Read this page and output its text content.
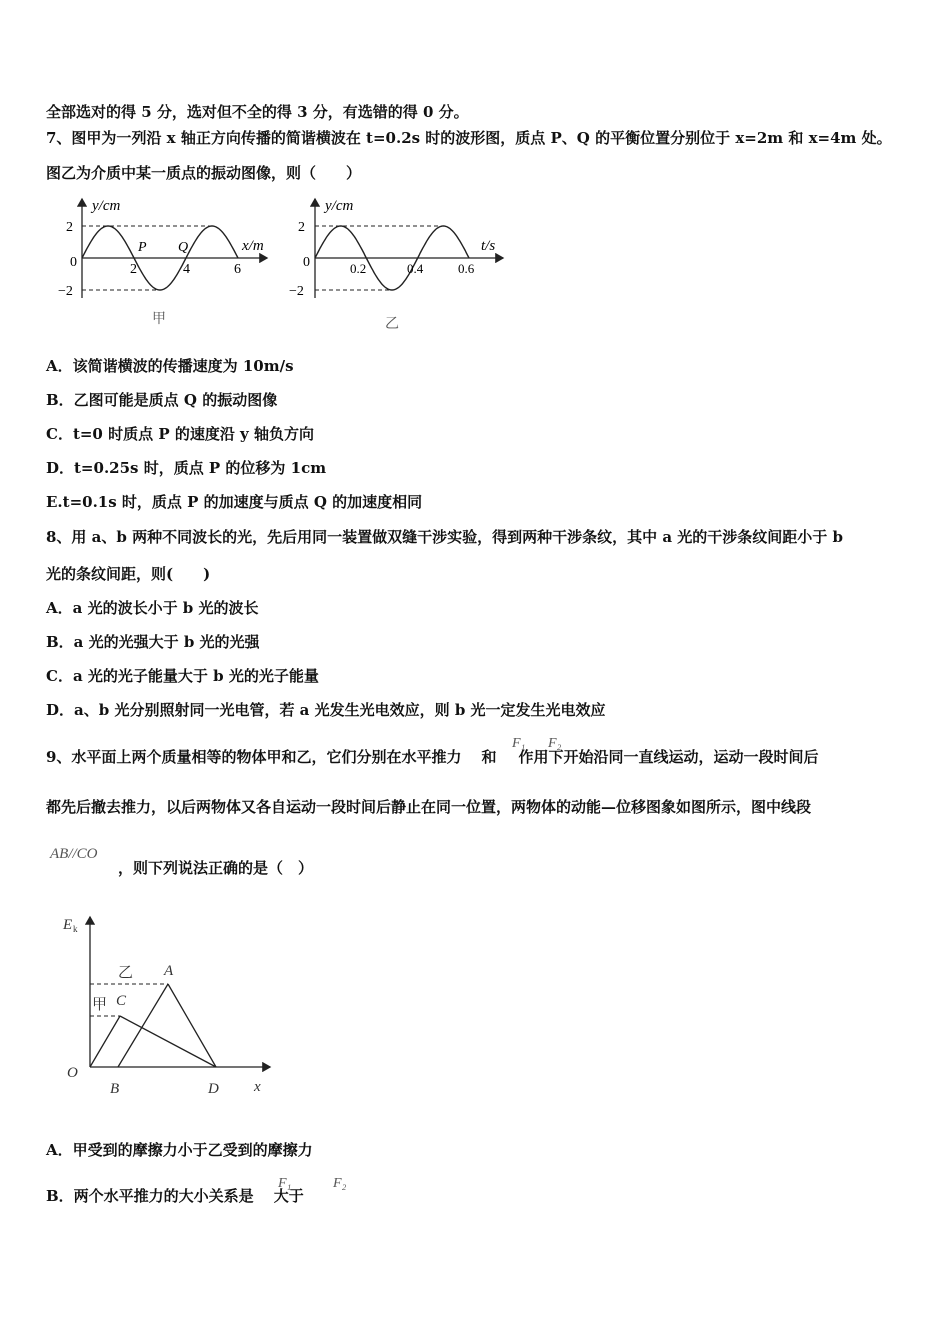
全部选对的得 5 分，选对但不全的得 3 分，有选错的得 0 分。
7、图甲为一列沿 x 轴正方向传播的简谐横波在 t=0.2s 时的波形图，质点 P、Q 的平衡位置分别位于 x=2m 和 x=4m 处。
图乙为介质中某一质点的振动图像，则（　　）
y/cm
x/m
2
−2
0	2	4	6
P Q
甲
y/cm
t/s
2
−2
0	0.2	0.4	0.6
乙
A．该简谐横波的传播速度为 10m/s
B．乙图可能是质点 Q 的振动图像
C．t=0 时质点 P 的速度沿 y 轴负方向
D．t=0.25s 时，质点 P 的位移为 1cm
E.t=0.1s 时，质点 P 的加速度与质点 Q 的加速度相同
8、用 a、b 两种不同波长的光，先后用同一装置做双缝干涉实验，得到两种干涉条纹，其中 a 光的干涉条纹间距小于 b
光的条纹间距，则(　　)
A．a 光的波长小于 b 光的波长
B．a 光的光强大于 b 光的光强
C．a 光的光子能量大于 b 光的光子能量
D．a、b 光分别照射同一光电管，若 a 光发生光电效应，则 b 光一定发生光电效应
9、水平面上两个质量相等的物体甲和乙，它们分别在水平推力 和 作用下开始沿同一直线运动，运动一段时间后
F₁ F₂
都先后撤去推力，以后两物体又各自运动一段时间后静止在同一位置，两物体的动能—位移图象如图所示，图中线段
AB//CO
，则下列说法正确的是（　）
E k
乙 A
甲 C
O
B	D x
A．甲受到的摩擦力小于乙受到的摩擦力
B．两个水平推力的大小关系是 大于
F₁	F₂
